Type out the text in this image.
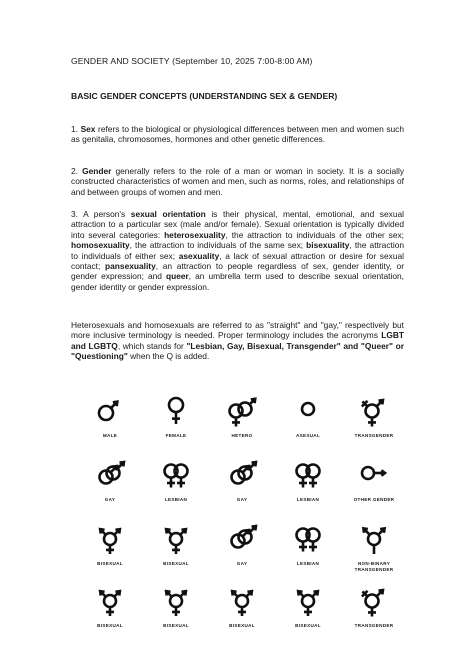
GENDER AND SOCIETY (September 10, 2025 7:00-8:00 AM)
BASIC GENDER CONCEPTS (UNDERSTANDING SEX & GENDER)
1. Sex refers to the biological or physiological differences between men and women such as genitalia, chromosomes, hormones and other genetic differences.
2. Gender generally refers to the role of a man or woman in society. It is a socially constructed characteristics of women and men, such as norms, roles, and relationships of and between groups of women and men.
3. A person's sexual orientation is their physical, mental, emotional, and sexual attraction to a particular sex (male and/or female). Sexual orientation is typically divided into several categories: heterosexuality, the attraction to individuals of the other sex; homosexuality, the attraction to individuals of the same sex; bisexuality, the attraction to individuals of either sex; asexuality, a lack of sexual attraction or desire for sexual contact; pansexuality, an attraction to people regardless of sex, gender identity, or gender expression; and queer, an umbrella term used to describe sexual orientation, gender identity or gender expression.
Heterosexuals and homosexuals are referred to as "straight" and "gay," respectively but more inclusive terminology is needed. Proper terminology includes the acronyms LGBT and LGBTQ, which stands for "Lesbian, Gay, Bisexual, Transgender" and "Queer" or "Questioning" when the Q is added.
MALE	FEMALE	HETERO	ASEXUAL	TRANSGENDER
GAY	LESBIAN	GAY	LESBIAN	OTHER GENDER
BISEXUAL	BISEXUAL	GAY	LESBIAN	NON-BINARY TRANSGENDER
BISEXUAL	BISEXUAL	BISEXUAL	BISEXUAL	TRANSGENDER
